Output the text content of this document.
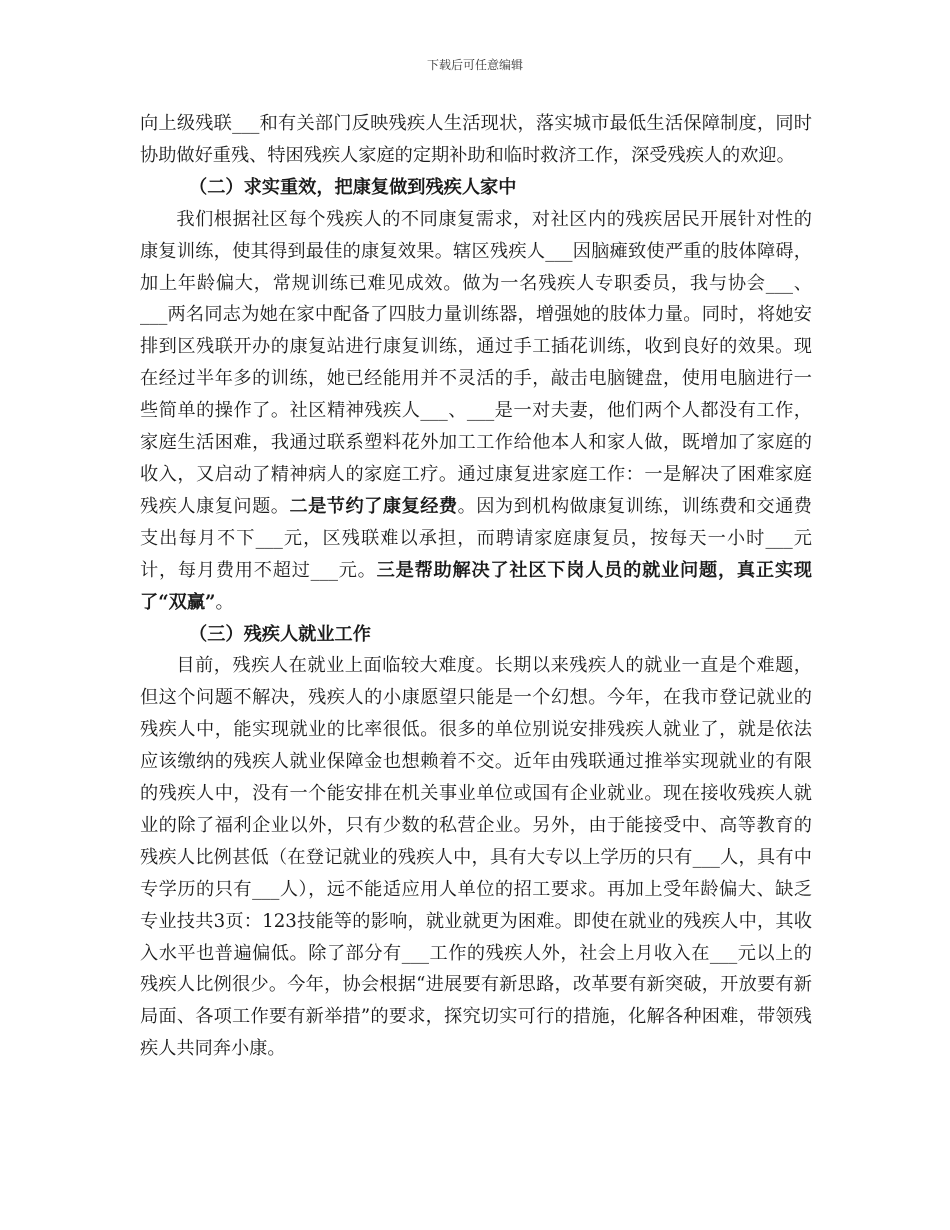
下载后可任意编辑

向上级残联___和有关部门反映残疾人生活现状，落实城市最低生活保障制度，同时协助做好重残、特困残疾人家庭的定期补助和临时救济工作，深受残疾人的欢迎。

（二）求实重效，把康复做到残疾人家中

我们根据社区每个残疾人的不同康复需求，对社区内的残疾居民开展针对性的康复训练，使其得到最佳的康复效果。辖区残疾人___因脑瘫致使严重的肢体障碍，加上年龄偏大，常规训练已难见成效。做为一名残疾人专职委员，我与协会___、___两名同志为她在家中配备了四肢力量训练器，增强她的肢体力量。同时，将她安排到区残联开办的康复站进行康复训练，通过手工插花训练，收到良好的效果。现在经过半年多的训练，她已经能用并不灵活的手，敲击电脑键盘，使用电脑进行一些简单的操作了。社区精神残疾人___、___是一对夫妻，他们两个人都没有工作，家庭生活困难，我通过联系塑料花外加工工作给他本人和家人做，既增加了家庭的收入，又启动了精神病人的家庭工疗。通过康复进家庭工作：一是解决了困难家庭残疾人康复问题。二是节约了康复经费。因为到机构做康复训练，训练费和交通费支出每月不下___元，区残联难以承担，而聘请家庭康复员，按每天一小时___元计，每月费用不超过___元。三是帮助解决了社区下岗人员的就业问题，真正实现了“双赢”。

（三）残疾人就业工作

目前，残疾人在就业上面临较大难度。长期以来残疾人的就业一直是个难题，但这个问题不解决，残疾人的小康愿望只能是一个幻想。今年，在我市登记就业的残疾人中，能实现就业的比率很低。很多的单位别说安排残疾人就业了，就是依法应该缴纳的残疾人就业保障金也想赖着不交。近年由残联通过推举实现就业的有限的残疾人中，没有一个能安排在机关事业单位或国有企业就业。现在接收残疾人就业的除了福利企业以外，只有少数的私营企业。另外，由于能接受中、高等教育的残疾人比例甚低（在登记就业的残疾人中，具有大专以上学历的只有___人，具有中专学历的只有___人），远不能适应用人单位的招工要求。再加上受年龄偏大、缺乏专业技共3页：123技能等的影响，就业就更为困难。即使在就业的残疾人中，其收入水平也普遍偏低。除了部分有___工作的残疾人外，社会上月收入在___元以上的残疾人比例很少。今年，协会根据“进展要有新思路，改革要有新突破，开放要有新局面、各项工作要有新举措”的要求，探究切实可行的措施，化解各种困难，带领残疾人共同奔小康。
